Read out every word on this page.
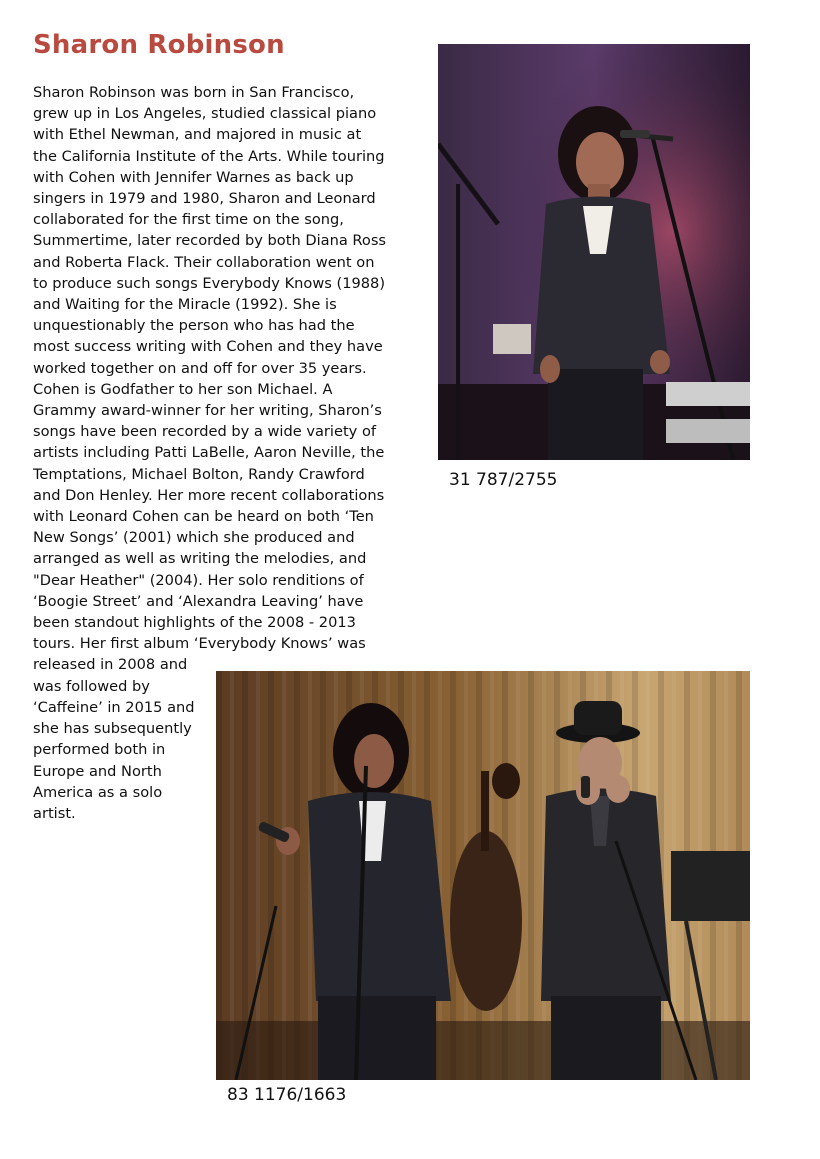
Sharon Robinson
Sharon Robinson was born in San Francisco,
grew up in Los Angeles, studied classical piano
with Ethel Newman, and majored in music at
the California Institute of the Arts. While touring
with Cohen with Jennifer Warnes as back up
singers in 1979 and 1980, Sharon and Leonard
collaborated for the first time on the song,
Summertime, later recorded by both Diana Ross
and Roberta Flack. Their collaboration went on
to produce such songs Everybody Knows (1988)
and Waiting for the Miracle (1992). She is
unquestionably the person who has had the
most success writing with Cohen and they have
worked together on and off for over 35 years.
Cohen is Godfather to her son Michael. A
Grammy award-winner for her writing, Sharon’s
songs have been recorded by a wide variety of
artists including Patti LaBelle, Aaron Neville, the
Temptations, Michael Bolton, Randy Crawford
and Don Henley. Her more recent collaborations
with Leonard Cohen can be heard on both ‘Ten
New Songs’ (2001) which she produced and
arranged as well as writing the melodies, and
"Dear Heather" (2004). Her solo renditions of
‘Boogie Street’ and ‘Alexandra Leaving’ have
been standout highlights of the 2008 - 2013
tours. Her first album ‘Everybody Knows’ was
released in 2008 and
was followed by
‘Caffeine’ in 2015 and
she has subsequently
performed both in
Europe and North
America as a solo
artist.
31 787/2755
83 1176/1663
